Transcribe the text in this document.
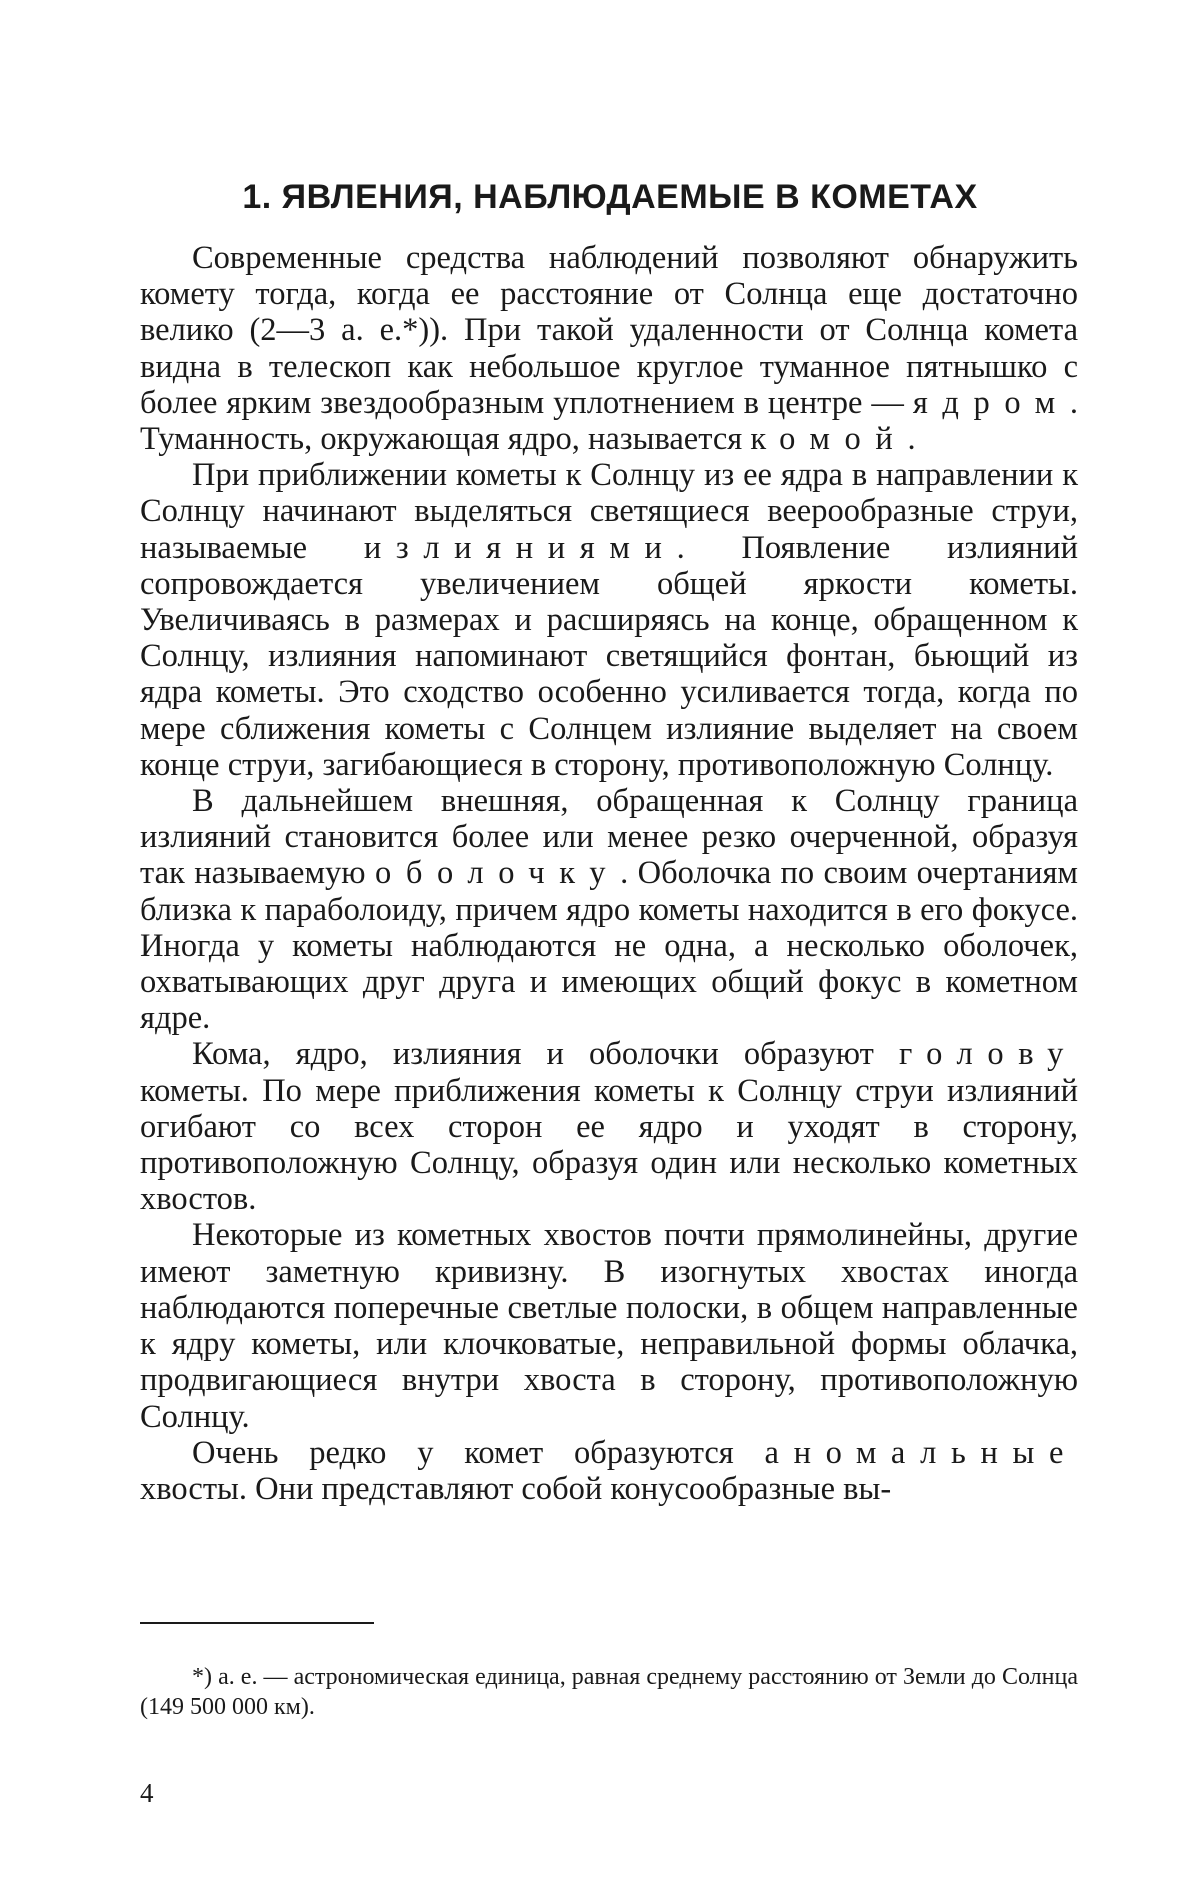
1. ЯВЛЕНИЯ, НАБЛЮДАЕМЫЕ В КОМЕТАХ

Современные средства наблюдений позволяют обнаружить комету тогда, когда ее расстояние от Солнца еще достаточно велико (2—3 а. е.*)). При такой удаленности от Солнца комета видна в телескоп как небольшое круглое туманное пятнышко с более ярким звездообразным уплотнением в центре — ядром. Туманность, окружающая ядро, называется комой.

При приближении кометы к Солнцу из ее ядра в направлении к Солнцу начинают выделяться светящиеся веерообразные струи, называемые излияниями. Появление излияний сопровождается увеличением общей яркости кометы. Увеличиваясь в размерах и расширяясь на конце, обращенном к Солнцу, излияния напоминают светящийся фонтан, бьющий из ядра кометы. Это сходство особенно усиливается тогда, когда по мере сближения кометы с Солнцем излияние выделяет на своем конце струи, загибающиеся в сторону, противоположную Солнцу.

В дальнейшем внешняя, обращенная к Солнцу граница излияний становится более или менее резко очерченной, образуя так называемую оболочку. Оболочка по своим очертаниям близка к параболоиду, причем ядро кометы находится в его фокусе. Иногда у кометы наблюдаются не одна, а несколько оболочек, охватывающих друг друга и имеющих общий фокус в кометном ядре.

Кома, ядро, излияния и оболочки образуют голову кометы. По мере приближения кометы к Солнцу струи излияний огибают со всех сторон ее ядро и уходят в сторону, противоположную Солнцу, образуя один или несколько кометных хвостов.

Некоторые из кометных хвостов почти прямолинейны, другие имеют заметную кривизну. В изогнутых хвостах иногда наблюдаются поперечные светлые полоски, в общем направленные к ядру кометы, или клочковатые, неправильной формы облачка, продвигающиеся внутри хвоста в сторону, противоположную Солнцу.

Очень редко у комет образуются аномальные хвосты. Они представляют собой конусообразные вы-

*) а. е. — астрономическая единица, равная среднему расстоянию от Земли до Солнца (149 500 000 км).

4
